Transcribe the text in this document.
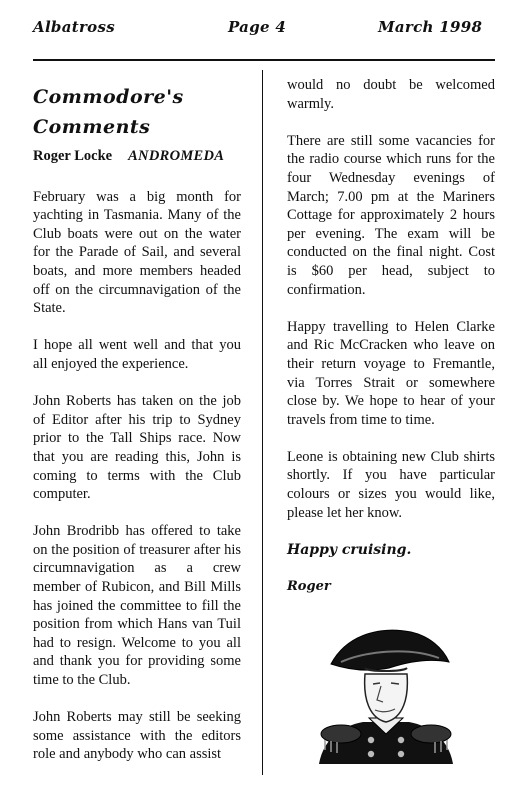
Albatross	Page 4	March 1998
Commodore's
Comments
Roger Locke ANDROMEDA

February was a big month for yachting in Tasmania. Many of the Club boats were out on the water for the Parade of Sail, and several boats, and more members headed off on the circumnavigation of the State.

I hope all went well and that you all enjoyed the experience.

John Roberts has taken on the job of Editor after his trip to Sydney prior to the Tall Ships race. Now that you are reading this, John is coming to terms with the Club computer.

John Brodribb has offered to take on the position of treasurer after his circumnavigation as a crew member of Rubicon, and Bill Mills has joined the committee to fill the position from which Hans van Tuil had to resign. Welcome to you all and thank you for providing some time to the Club.

John Roberts may still be seeking some assistance with the editors role and anybody who can assist

would no doubt be welcomed warmly.

There are still some vacancies for the radio course which runs for the four Wednesday evenings of March; 7.00 pm at the Mariners Cottage for approximately 2 hours per evening. The exam will be conducted on the final night. Cost is $60 per head, subject to confirmation.

Happy travelling to Helen Clarke and Ric McCracken who leave on their return voyage to Fremantle, via Torres Strait or somewhere close by. We hope to hear of your travels from time to time.

Leone is obtaining new Club shirts shortly. If you have particular colours or sizes you would like, please let her know.

Happy cruising.

Roger
